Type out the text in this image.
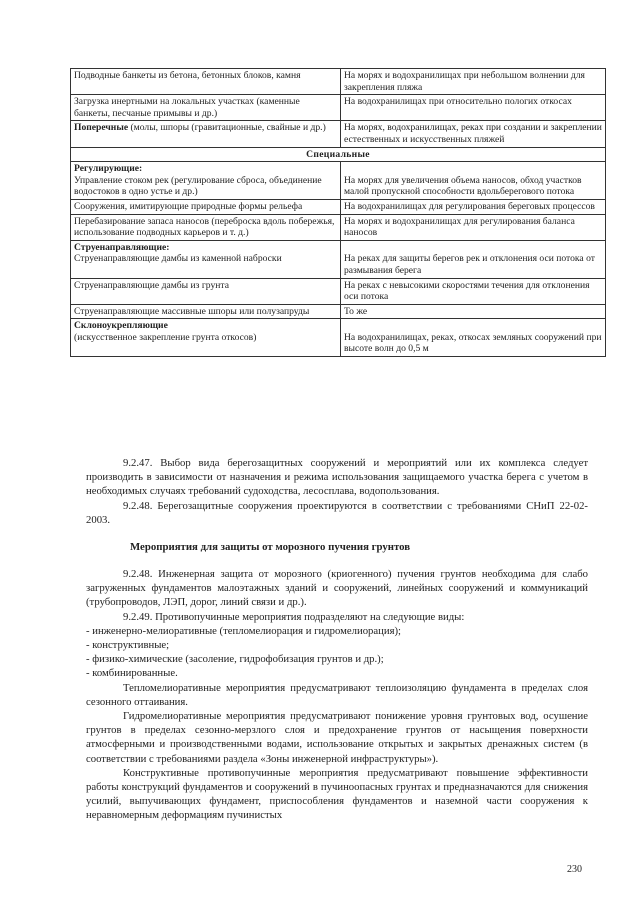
Подводные банкеты из бетона, бетонных блоков, камня	На морях и водохранилищах при небольшом волнении для закрепления пляжа
Загрузка инертными на локальных участках (каменные банкеты, песчаные примывы и др.)	На водохранилищах при относительно пологих откосах
Поперечные (молы, шпоры (гравитационные, свайные и др.)	На морях, водохранилищах, реках при создании и закреплении естественных и искусственных пляжей
Специальные	
Регулирующие:
Управление стоком рек (регулирование сброса, объединение водостоков в одно устье и др.)	На морях для увеличения объема наносов, обход участков малой пропускной способности вдольберегового потока
Сооружения, имитирующие природные формы рельефа	На водохранилищах для регулирования береговых процессов
Перебазирование запаса наносов (переброска вдоль побережья, использование подводных карьеров и т. д.)	На морях и водохранилищах для регулирования баланса наносов
Струенаправляющие:
Струенаправляющие дамбы из каменной наброски	На реках для защиты берегов рек и отклонения оси потока от размывания берега
Струенаправляющие дамбы из грунта	На реках с невысокими скоростями течения для отклонения оси потока
Струенаправляющие массивные шпоры или полузапруды	То же
Склоноукрепляющие
(искусственное закрепление грунта откосов)	На водохранилищах, реках, откосах земляных сооружений при высоте волн до 0,5 м

9.2.47. Выбор вида берегозащитных сооружений и мероприятий или их комплекса следует производить в зависимости от назначения и режима использования защищаемого участка берега с учетом в необходимых случаях требований судоходства, лесосплава, водопользования.

9.2.48. Берегозащитные сооружения проектируются в соответствии с требованиями СНиП 22-02-2003.

Мероприятия для защиты от морозного пучения грунтов

9.2.48. Инженерная защита от морозного (криогенного) пучения грунтов необходима для слабо загруженных фундаментов малоэтажных зданий и сооружений, линейных сооружений и коммуникаций (трубопроводов, ЛЭП, дорог, линий связи и др.).

9.2.49. Противопучинные мероприятия подразделяют на следующие виды:

- инженерно-мелиоративные (тепломелиорация и гидромелиорация);

- конструктивные;

- физико-химические (засоление, гидрофобизация грунтов и др.);

- комбинированные.

Тепломелиоративные мероприятия предусматривают теплоизоляцию фундамента в пределах слоя сезонного оттаивания.

Гидромелиоративные мероприятия предусматривают понижение уровня грунтовых вод, осушение грунтов в пределах сезонно-мерзлого слоя и предохранение грунтов от насыщения поверхности атмосферными и производственными водами, использование открытых и закрытых дренажных систем (в соответствии с требованиями раздела «Зоны инженерной инфраструктуры»).

Конструктивные противопучинные мероприятия предусматривают повышение эффективности работы конструкций фундаментов и сооружений в пучиноопасных грунтах и предназначаются для снижения усилий, выпучивающих фундамент, приспособления фундаментов и наземной части сооружения к неравномерным деформациям пучинистых

230
